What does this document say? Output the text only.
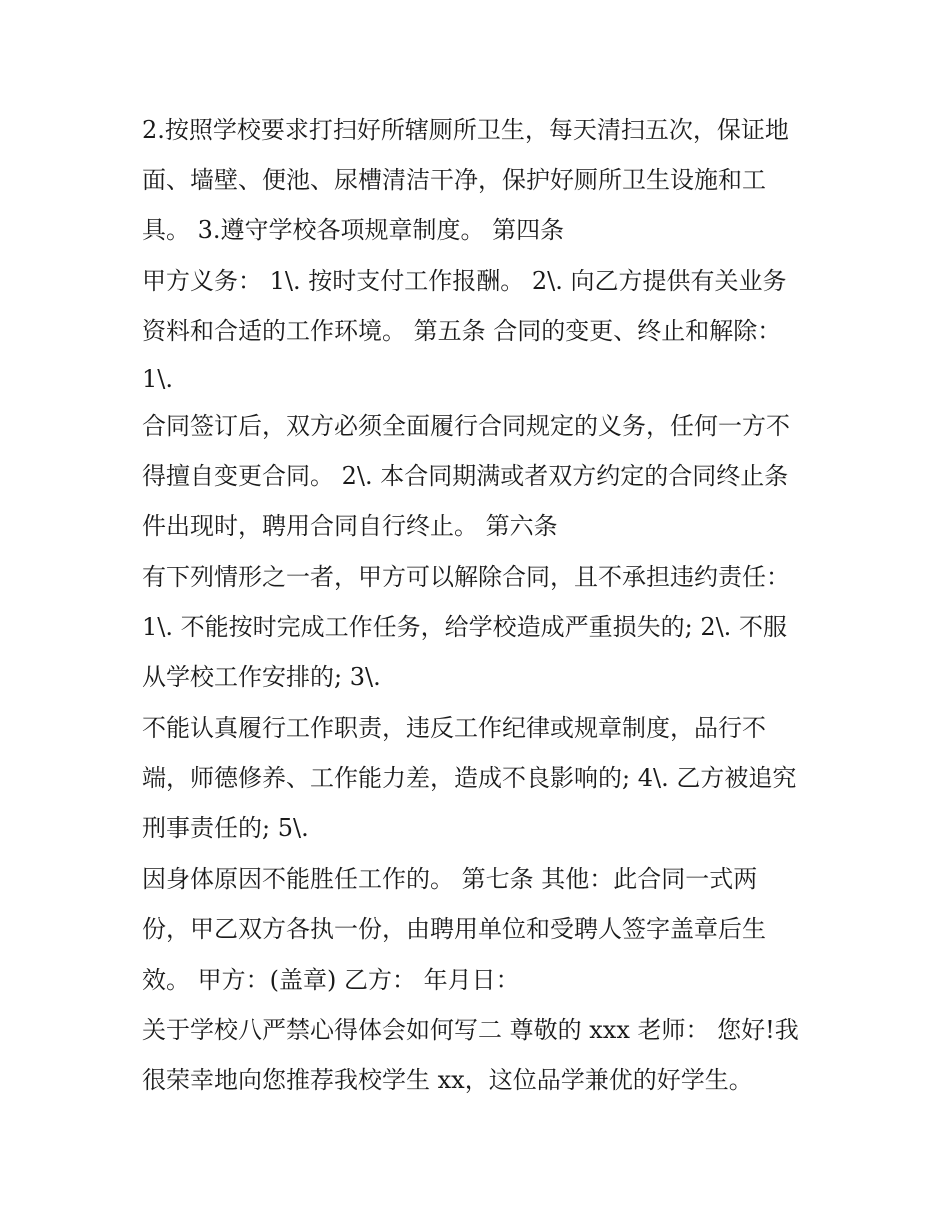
2.按照学校要求打扫好所辖厕所卫生，每天清扫五次，保证地
面、墙壁、便池、尿槽清洁干净，保护好厕所卫生设施和工
具。 3.遵守学校各项规章制度。 第四条
甲方义务： 1\. 按时支付工作报酬。 2\. 向乙方提供有关业务
资料和合适的工作环境。 第五条 合同的变更、终止和解除：
1\.
合同签订后，双方必须全面履行合同规定的义务，任何一方不
得擅自变更合同。 2\. 本合同期满或者双方约定的合同终止条
件出现时，聘用合同自行终止。 第六条
有下列情形之一者，甲方可以解除合同，且不承担违约责任：
1\. 不能按时完成工作任务，给学校造成严重损失的; 2\. 不服
从学校工作安排的; 3\.
不能认真履行工作职责，违反工作纪律或规章制度，品行不
端，师德修养、工作能力差，造成不良影响的; 4\. 乙方被追究
刑事责任的; 5\.
因身体原因不能胜任工作的。 第七条 其他：此合同一式两
份，甲乙双方各执一份，由聘用单位和受聘人签字盖章后生
效。 甲方：(盖章) 乙方： 年月日：
关于学校八严禁心得体会如何写二 尊敬的 xxx 老师： 您好!我
很荣幸地向您推荐我校学生 xx，这位品学兼优的好学生。
